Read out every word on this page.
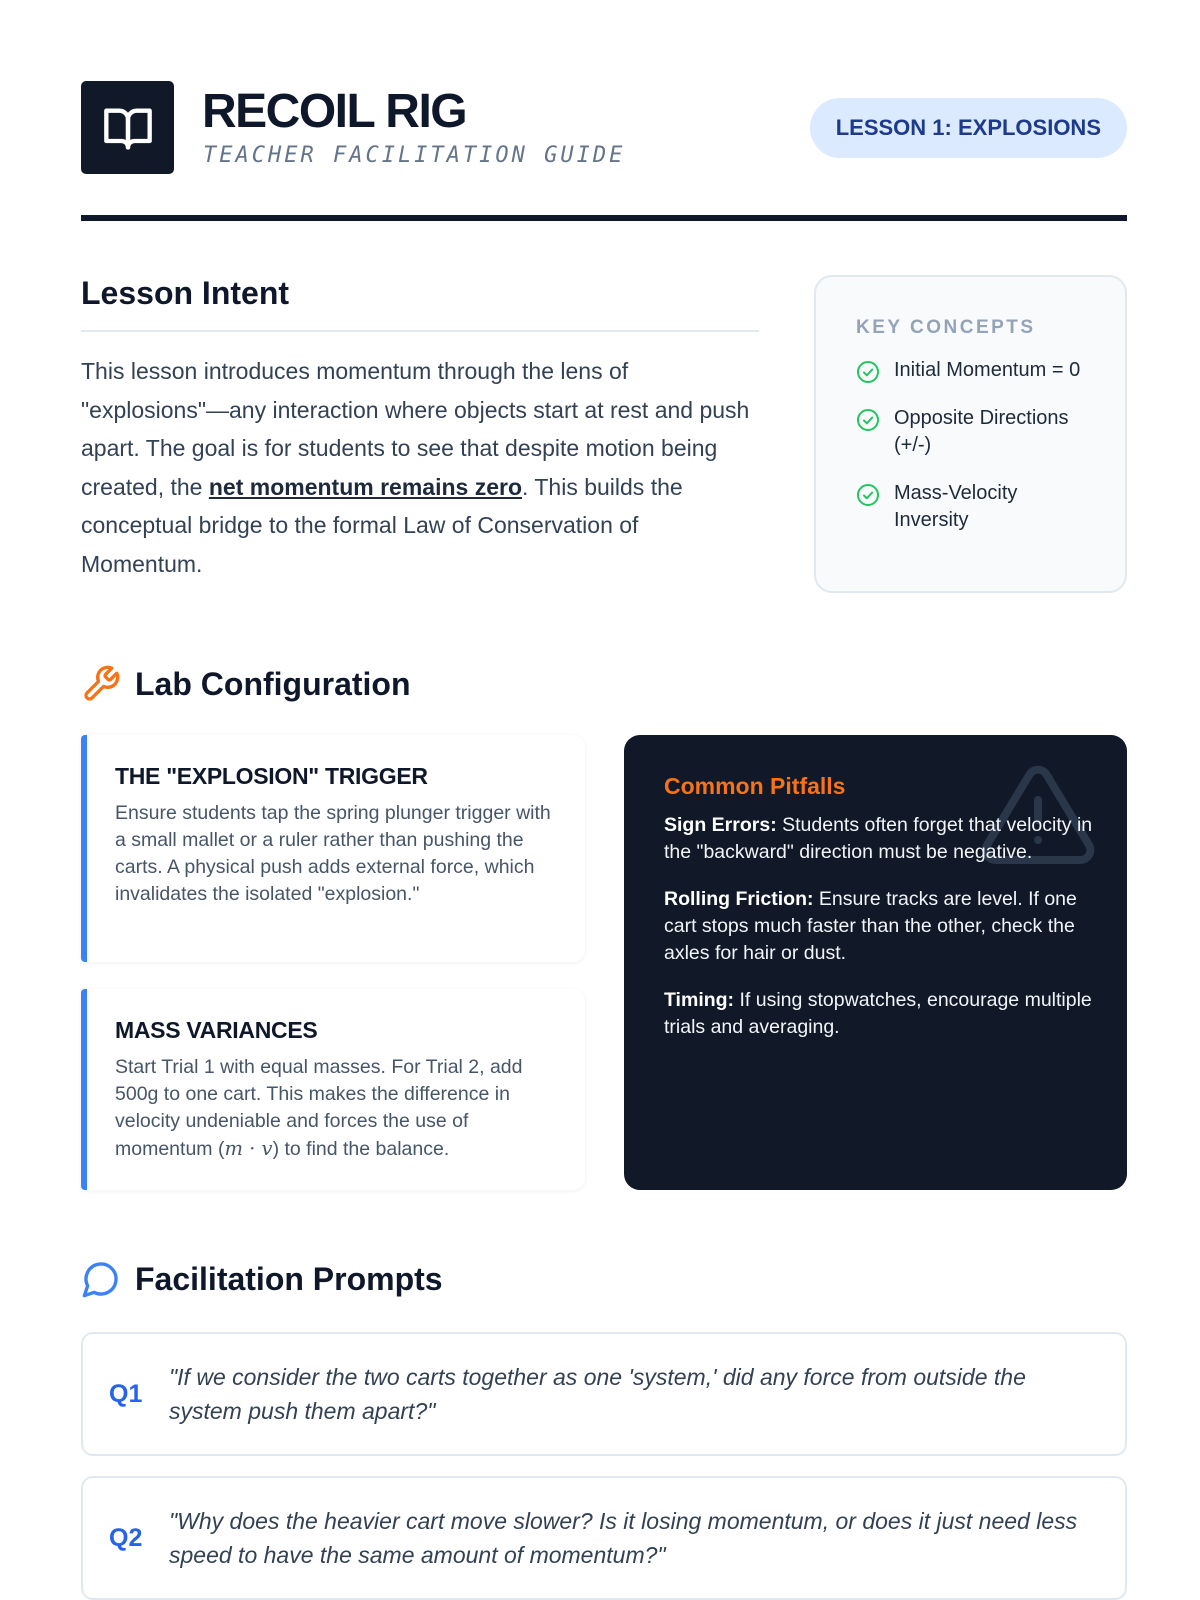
RECOIL RIG
TEACHER FACILITATION GUIDE
LESSON 1: EXPLOSIONS
Lesson Intent

This lesson introduces momentum through the lens of "explosions"—any interaction where objects start at rest and push apart. The goal is for students to see that despite motion being created, the net momentum remains zero. This builds the conceptual bridge to the formal Law of Conservation of Momentum.

KEY CONCEPTS
Initial Momentum = 0
Opposite Directions (+/-)
Mass-Velocity Inversity
Lab Configuration
THE "EXPLOSION" TRIGGER

Ensure students tap the spring plunger trigger with a small mallet or a ruler rather than pushing the carts. A physical push adds external force, which invalidates the isolated "explosion."

MASS VARIANCES

Start Trial 1 with equal masses. For Trial 2, add 500g to one cart. This makes the difference in velocity undeniable and forces the use of momentum (m · v) to find the balance.

Common Pitfalls

Sign Errors: Students often forget that velocity in the "backward" direction must be negative.

Rolling Friction: Ensure tracks are level. If one cart stops much faster than the other, check the axles for hair or dust.

Timing: If using stopwatches, encourage multiple trials and averaging.

Facilitation Prompts
Q1
"If we consider the two carts together as one 'system,' did any force from outside the system push them apart?"
Q2
"Why does the heavier cart move slower? Is it losing momentum, or does it just need less speed to have the same amount of momentum?"
